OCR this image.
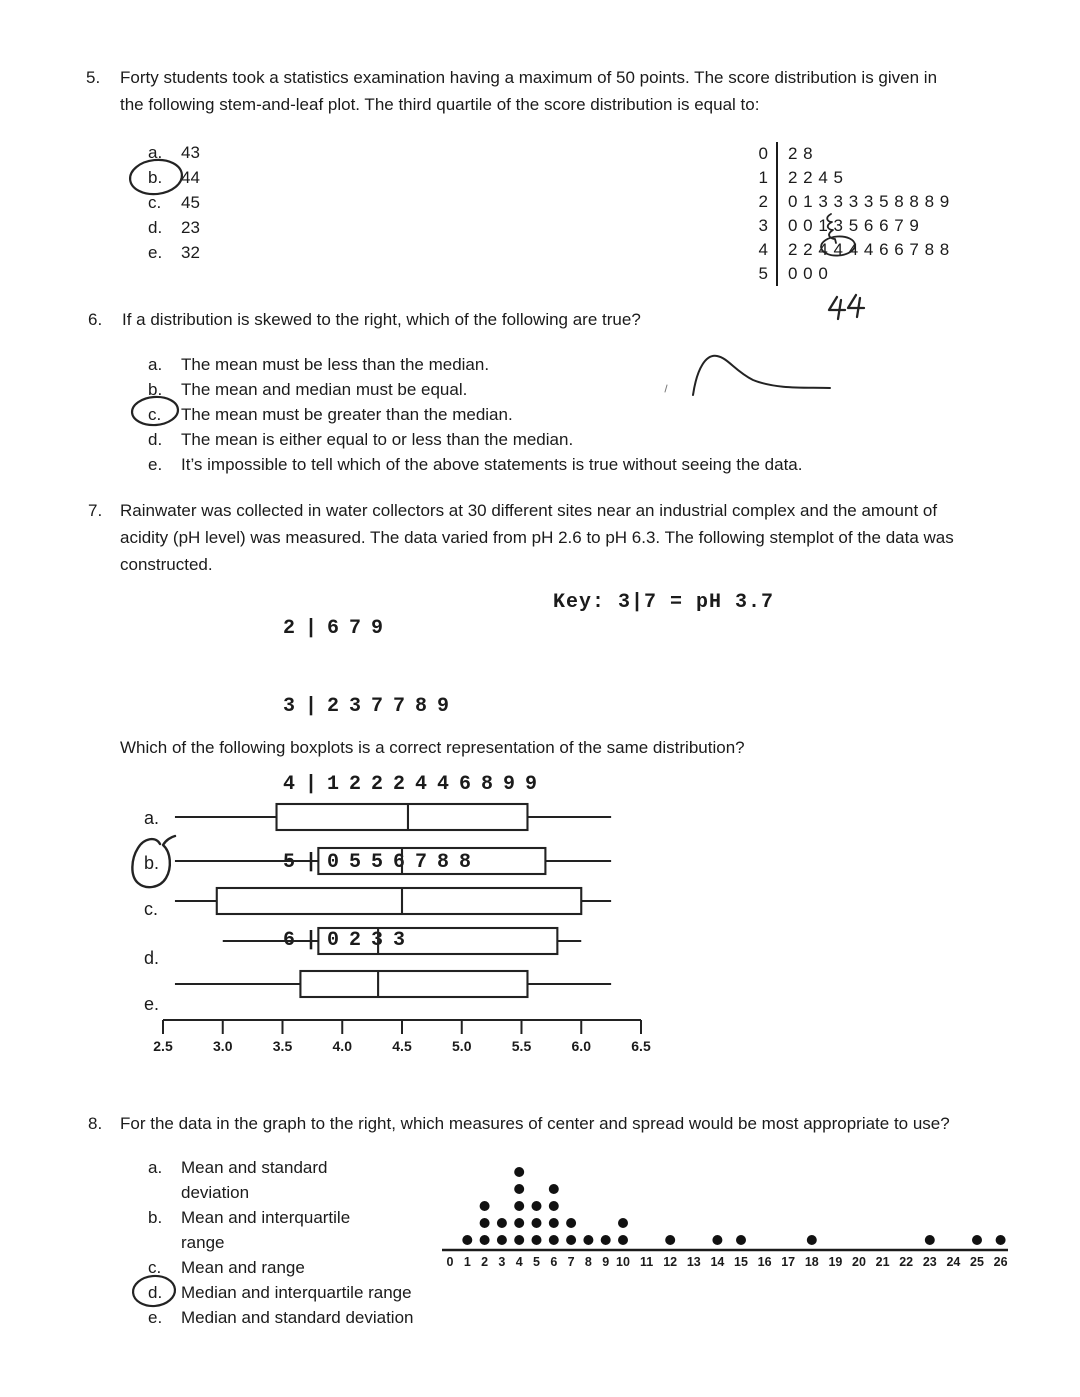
5. Forty students took a statistics examination having a maximum of 50 points. The score distribution is given in
the following stem-and-leaf plot. The third quartile of the score distribution is equal to:
a. 43
b. 44
c. 45
d. 23
e. 32
0	2 8
1	2 2 4 5
2	0 1 3 3 3 3 5 8 8 8 9
3	0 0 1 3 5 6 6 7 9
4	2 2 4 4 4 4 6 6 7 8 8
5	0 0 0
6. If a distribution is skewed to the right, which of the following are true?
a. The mean must be less than the median.
b. The mean and median must be equal.
c. The mean must be greater than the median.
d. The mean is either equal to or less than the median.
e. It’s impossible to tell which of the above statements is true without seeing the data.
7. Rainwater was collected in water collectors at 30 different sites near an industrial complex and the amount of
acidity (pH level) was measured. The data varied from pH 2.6 to pH 6.3. The following stemplot of the data was
constructed.

2|679

3|237789

4|1222446899

5|0556788

6|0233

Key: 3|7 = pH 3.7
Which of the following boxplots is a correct representation of the same distribution?
a.
b.
c.
d.
e.
2.5	3.0	3.5	4.0	4.5	5.0	5.5	6.0	6.5
8. For the data in the graph to the right, which measures of center and spread would be most appropriate to use?
a. Mean and standard
deviation
b. Mean and interquartile
range
c. Mean and range
d. Median and interquartile range
e. Median and standard deviation
0 1 2 3 4 5 6 7 8 9 10 11 12 13 14 15 16 17 18 19 20 21 22 23 24 25 26
